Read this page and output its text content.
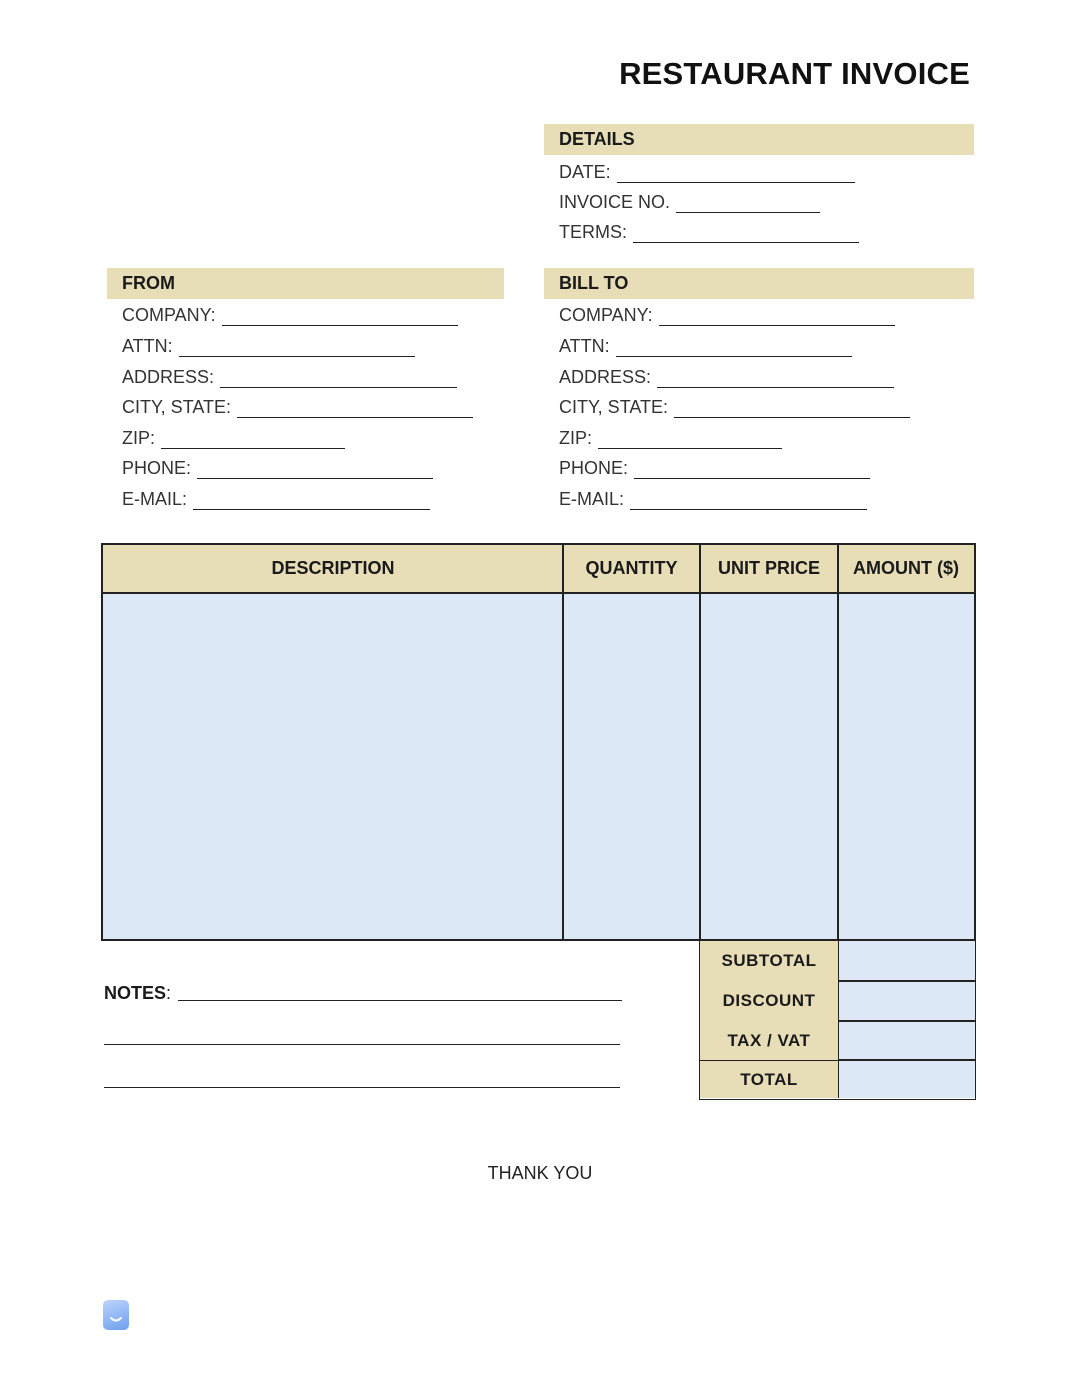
RESTAURANT INVOICE
DETAILS
DATE:
INVOICE NO.
TERMS:
FROM
COMPANY:
ATTN:
ADDRESS:
CITY, STATE:
ZIP:
PHONE:
E-MAIL:
BILL TO
COMPANY:
ATTN:
ADDRESS:
CITY, STATE:
ZIP:
PHONE:
E-MAIL:
DESCRIPTION	QUANTITY	UNIT PRICE	AMOUNT ($)
SUBTOTAL
DISCOUNT
TAX / VAT
TOTAL
NOTES:
THANK YOU
